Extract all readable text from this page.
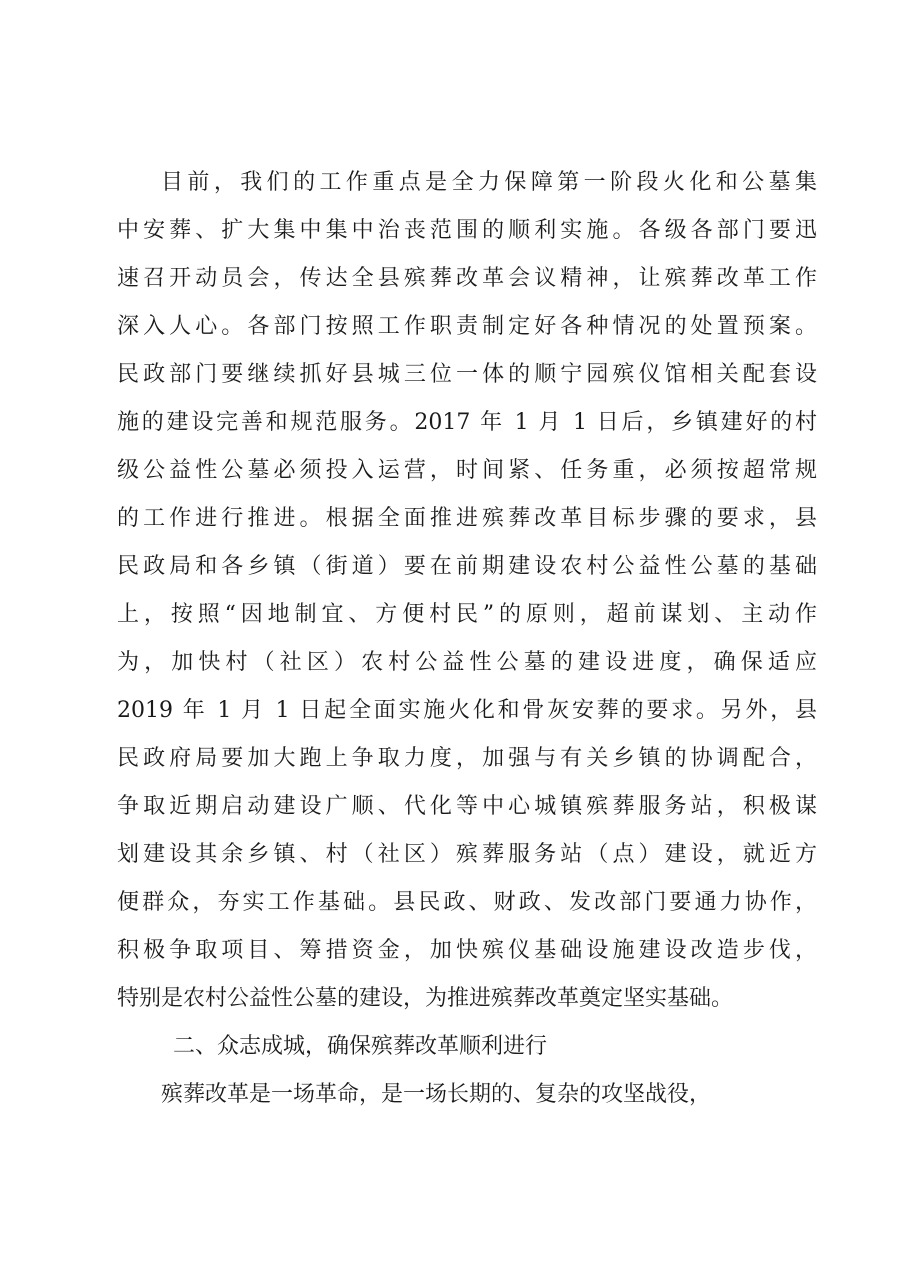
目前，我们的工作重点是全力保障第一阶段火化和公墓集
中安葬、扩大集中集中治丧范围的顺利实施。各级各部门要迅
速召开动员会，传达全县殡葬改革会议精神，让殡葬改革工作
深入人心。各部门按照工作职责制定好各种情况的处置预案。
民政部门要继续抓好县城三位一体的顺宁园殡仪馆相关配套设
施的建设完善和规范服务。2017 年 1 月 1 日后，乡镇建好的村
级公益性公墓必须投入运营，时间紧、任务重，必须按超常规
的工作进行推进。根据全面推进殡葬改革目标步骤的要求，县
民政局和各乡镇（街道）要在前期建设农村公益性公墓的基础
上，按照“因地制宜、方便村民”的原则，超前谋划、主动作
为，加快村（社区）农村公益性公墓的建设进度，确保适应
2019 年 1 月 1 日起全面实施火化和骨灰安葬的要求。另外，县
民政府局要加大跑上争取力度，加强与有关乡镇的协调配合，
争取近期启动建设广顺、代化等中心城镇殡葬服务站，积极谋
划建设其余乡镇、村（社区）殡葬服务站（点）建设，就近方
便群众，夯实工作基础。县民政、财政、发改部门要通力协作，
积极争取项目、筹措资金，加快殡仪基础设施建设改造步伐，
特别是农村公益性公墓的建设，为推进殡葬改革奠定坚实基础。
二、众志成城，确保殡葬改革顺利进行
殡葬改革是一场革命，是一场长期的、复杂的攻坚战役，
